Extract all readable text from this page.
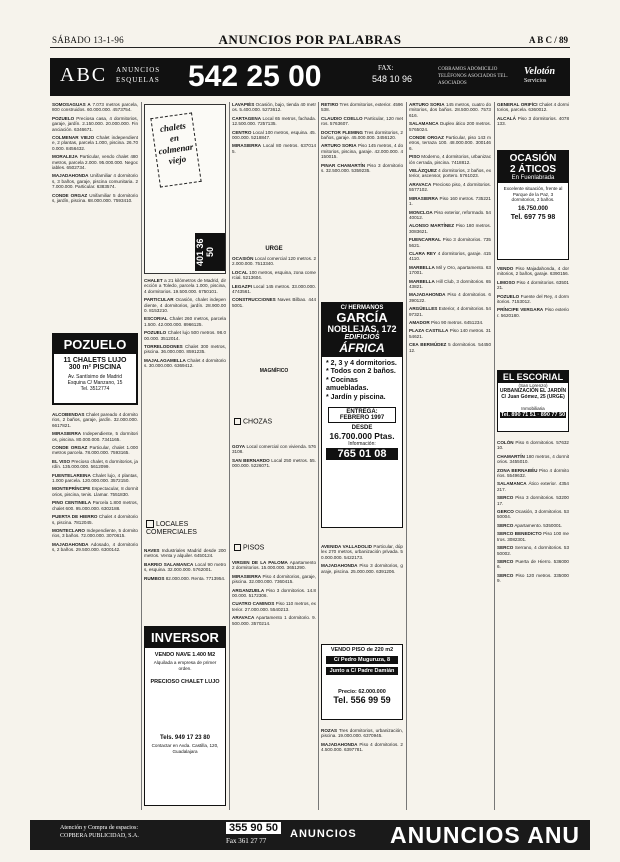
SÁBADO 13-1-96	ANUNCIOS POR PALABRAS	A B C / 89
ABC ANUNCIOS
ESQUELAS 542 25 00	FAX:
548 10 96
COBRAMOS ADOMICILIO TELÉFONOS ASOCIADOS TEL. ASOCIADOS
Velotón
Servicios

SOMOSAGUAS A 7.073 metros parcela, 800 construidos. 60.000.000. 4573754.

POZUELO Preciosa casa, 4 dormitorios, garaje, jardín. 2.150.000. 20.000.000. Financiación. 6346671.

COLMENAR VIEJO Chalet independiente, 2 plantas, parcela 1.000, piscina. 26.700.000. 8456432.

MORALEJA Particular, vendo chalet 480 metros, parcela 2.000. 95.000.000. Negociables. 6502734.

MAJADAHONDA Unifamiliar 4 dormitorios, 3 baños, garaje, piscina comunitaria. 27.000.000. Particular. 6383574.

CONDE ORGAZ Unifamiliar 5 dormitorios, jardín, piscina. 68.000.000. 7593410.

POZUELO
11 CHALETS LUJO
300 m² PISCINA
Av. Santísimo de Madrid
Esquina C/ Manzano, 15
Tel. 3512774

ALCOBENDAS Chalet pareado 4 dormitorios, 2 baños, garaje, jardín. 32.000.000. 6617821.

MIRASIERRA Independiente, 5 dormitorios, piscina. 80.000.000. 7341165.

CONDE ORGAZ Particular, chalet 1.000 metros parcela. 78.000.000. 7593165.

EL VISO Precioso chalet, 6 dormitorios, jardín. 135.000.000. 5612099.

FUENTELAREINA Chalet lujo, 4 plantas, 1.000 parcela. 120.000.000. 3572150.

MONTEPRÍNCIPE Espectacular, 8 dormitorios, piscina, tenis. Llamar. 7551830.

PINO CENTINELA Parcela 1.800 metros, chalet 600. 95.000.000. 6302188.

PUERTA DE HIERRO Chalet 4 dormitorios, piscina. 7812045.

MONTECLARO Independiente, 5 dormitorios, 3 baños. 72.000.000. 3070615.

MAJADAHONDA Adosado, 4 dormitorios, 2 baños. 29.500.000. 6300142.

chalets
en
colmenar
viejo
401 36 50

CHALET a 21 kilómetros de Madrid, dirección a Toledo, parcela 1.000, piscina, 4 dormitorios. 19.500.000. 6750101.

PARTICULAR Ocasión, chalet independiente, 4 dormitorios, jardín. 28.900.000. 8153210.

ESCORIAL Chalet 260 metros, parcela 1.500. 42.000.000. 8966125.

POZUELO Chalet lujo 500 metros. 98.000.000. 3512014.

TORRELODONES Chalet 300 metros, piscina. 36.000.000. 8591235.

MAJALAGAMELLA Chalet 4 dormitorios. 30.000.000. 6369412.

LOCALES COMERCIALES

NAVES Industriales Madrid desde 200 metros. Venta y alquiler. 6450124.

BARRIO SALAMANCA Local 90 metros, esquina. 32.000.000. 5762001.

RUMBOS 82.000.000. Renta. 7713954.

INVERSOR
VENDO NAVE 1.400 M2
Alquilada a empresa de primer orden.
PRECIOSO CHALET LUJO
Tels. 949 17 23 80
Contactar en Avda. Castilla, 120, Guadalajara

LAVAPIÉS Ocasión, bajo, tienda 40 metros. 5.400.000. 5273612.

CARTAGENA Local 65 metros, fachada. 12.500.000. 7257135.

CENTRO Local 100 metros, esquina. 45.000.000. 5218847.

MIRASIERRA Local 80 metros. 6370145.

URGE

OCASIÓN Local comercial 120 metros. 22.000.000. 7513340.

LOCAL 100 metros, esquina, zona comercial. 5213604.

LEGAZPI Local 145 metros. 33.000.000. 4743561.

CONSTRUCCIONES Naves Bilbao. 4445001.

MAGNÍFICO
CHOZAS

GOYA Local comercial con vivienda. 5763108.

SAN BERNARDO Local 250 metros. 55.000.000. 5226071.

PISOS

VIRGEN DE LA PALOMA Apartamento 2 dormitorios. 15.000.000. 3651290.

MIRASIERRA Piso 4 dormitorios, garaje, piscina. 32.000.000. 7360415.

ARGANZUELA Piso 3 dormitorios. 14.800.000. 5172306.

CUATRO CAMINOS Piso 110 metros, exterior. 27.000.000. 5540213.

ARAVACA Apartamento 1 dormitorio. 9.500.000. 3570214.

RETIRO Tres dormitorios, exterior. 4596538.

CLAUDIO COELLO Particular, 120 metros. 5763607.

DOCTOR FLEMING Tres dormitorios, 2 baños, garaje. 45.000.000. 3456120.

ARTURO SORIA Piso 145 metros, 4 dormitorios, piscina, garaje. 42.000.000. 4150015.

PINAR CHAMARTÍN Piso 3 dormitorios. 32.500.000. 5359235.

C/ HERMANOS
GARCÍA
NOBLEJAS, 172
EDIFICIOS
ÁFRICA
* 2, 3 y 4 dormitorios.
* Todos con 2 baños.
* Cocinas amuebladas.
* Jardín y piscina.
ENTREGA:
FEBRERO 1997
DESDE
16.700.000 Ptas.
Información:
765 01 08

AVENIDA VALLADOLID Particular, dúplex 270 metros, urbanización privada. 50.000.000. 5422173.

MAJADAHONDA Piso 3 dormitorios, garaje, piscina. 25.000.000. 6391206.

VENDO PISO de 220 m2
C/ Pedro Muguruza, 8
Junto a C/ Padre Damián
Precio: 62.000.000
Tel. 556 99 59

ROZAS Tres dormitorios, urbanización, piscina. 19.000.000. 6370945.

MAJADAHONDA Piso 4 dormitorios. 24.500.000. 6397781.

ARTURO SORIA 145 metros, cuatro dormitorios, dos baños. 28.500.000. 7573616.

SALAMANCA Duplex ático 200 metros. 5765024.

CONDE ORGAZ Particular, piso 143 metros, terraza 100. 48.000.000. 3001466.

PISO Moderno, 4 dormitorios, urbanización cerrada, piscina. 7418812.

VELÁZQUEZ 4 dormitorios, 2 baños, exterior, ascensor, portero. 5761023.

ARAVACA Precioso piso, 4 dormitorios. 5577102.

MIRASIERRA Piso 160 metros. 7352211.

MONCLOA Piso exterior, reformado. 5440012.

ALONSO MARTÍNEZ Piso 180 metros. 3083621.

FUENCARRAL Piso 3 dormitorios. 7355621.

CLARA REY 4 dormitorios, garaje. 4154110.

MARBELLA Mil y Oro, apartamento. 6317001.

MARBELLA Hill Club, 3 dormitorios. 6543821.

MAJADAHONDA Piso 4 dormitorios. 6390122.

ARGÜELLES Exterior, 4 dormitorios. 5497321.

AMADOR Piso 90 metros. 6451234.

PLAZA CASTILLA Piso 140 metros. 3154621.

CEA BERMÚDEZ 5 dormitorios. 5445012.

GENERAL ORIFÍCI Chalet 4 dormitorios, parcela. 6360012.

ALCALÁ Piso 3 dormitorios. 4078133.

OCASIÓN
2 ÁTICOS
En Fuenlabrada
Excelente situación, frente al Parque de la Paz, 3 dormitorios, 2 baños.
16.750.000
Tel. 697 75 98

VENDO Piso Majadahonda, 4 dormitorios, 2 baños, garaje. 6390156.

LIMOSO Piso 4 dormitorios. 6350121.

POZUELO Fuente del Rey, 4 dormitorios. 7153012.

PRÍNCIPE VERGARA Piso exterior. 5620180.

EL ESCORIAL
(San Lorenzo)
URBANIZACIÓN EL JARDÍN
C/ Juan Gómez, 25 (URGE)
Inmobiliaria
Tel. 890 71 51 · 890 77 50

COLÓN Piso 6 dormitorios. 5763210.

CHAMARTÍN 180 metros, 4 dormitorios. 3455010.

ZONA BERNABÉU Piso 4 dormitorios. 5549632.

SALAMANCA Ático exterior. 4354217.

SERCO Piso 3 dormitorios. 5320017.

GERCO Ocasión, 3 dormitorios. 5350004.

SERCO Apartamento. 5350001.

SERCO BENEDICTO Piso 100 metros. 3082301.

SERCO Serrano, 4 dormitorios. 5350002.

SERCO Puerta de Hierro. 5360006.

SERCO Piso 120 metros. 3350009.

Atención y Compra de espacios:
COPBERA PUBLICIDAD, S.A.
355 90 50
Fax 361 27 77
ANUNCIOS ANUNCIOS ANU
